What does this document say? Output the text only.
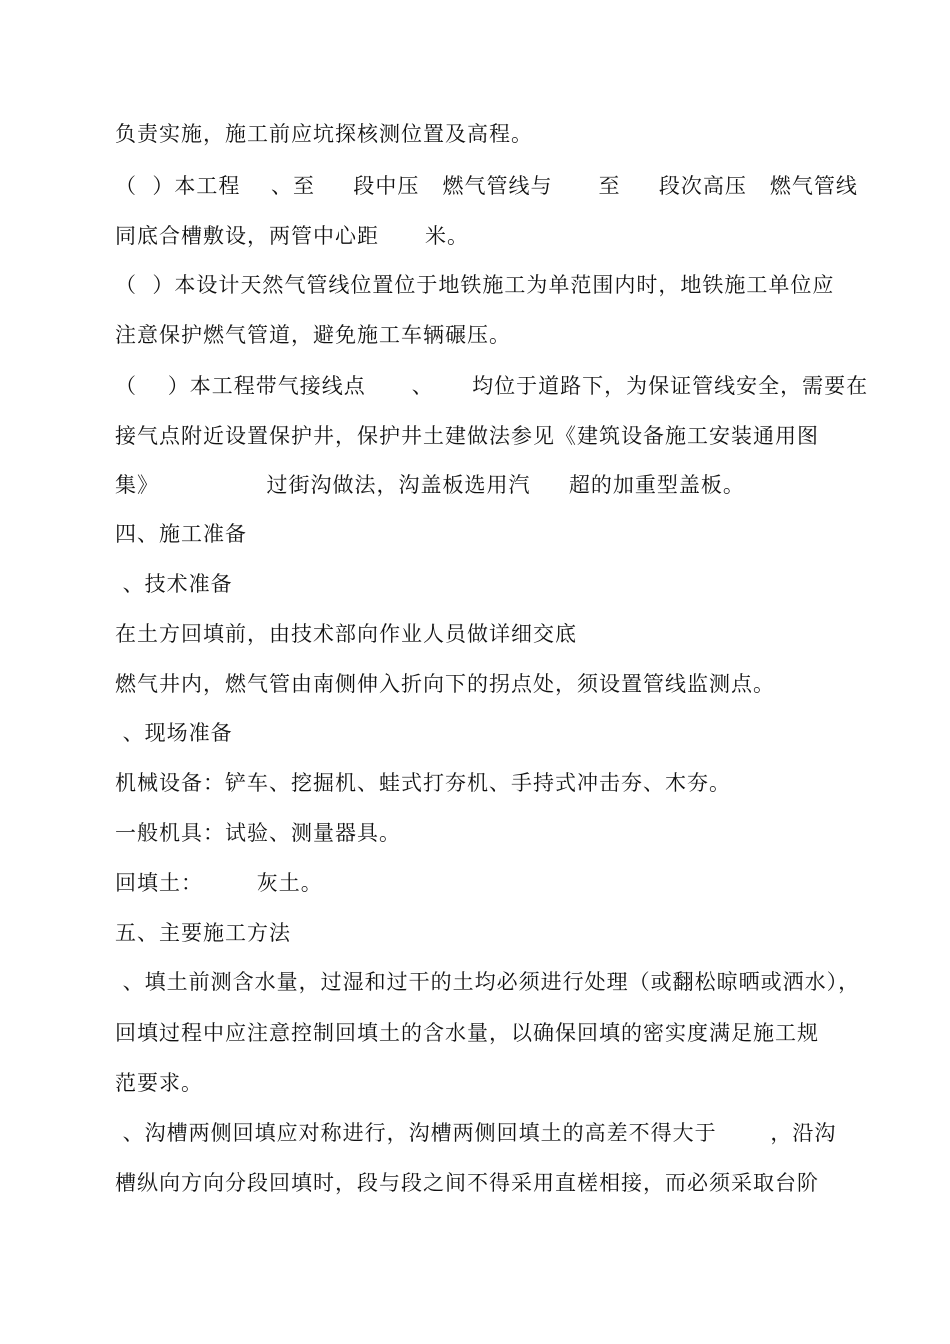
负责实施，施工前应坑探核测位置及高程。
（  ）本工程    、至     段中压   燃气管线与      至     段次高压   燃气管线
同底合槽敷设，两管中心距      米。
（  ）本设计天然气管线位置位于地铁施工为单范围内时，地铁施工单位应
注意保护燃气管道，避免施工车辆碾压。
（    ）本工程带气接线点      、     均位于道路下，为保证管线安全，需要在
接气点附近设置保护井，保护井土建做法参见《建筑设备施工安装通用图
集》              过街沟做法，沟盖板选用汽     超的加重型盖板。
四、施工准备
、技术准备
在土方回填前，由技术部向作业人员做详细交底
燃气井内，燃气管由南侧伸入折向下的拐点处，须设置管线监测点。
、现场准备
机械设备：铲车、挖掘机、蛙式打夯机、手持式冲击夯、木夯。
一般机具：试验、测量器具。
回填土：       灰土。
五、主要施工方法
、填土前测含水量，过湿和过干的土均必须进行处理（或翻松晾晒或洒水），
回填过程中应注意控制回填土的含水量，以确保回填的密实度满足施工规
范要求。
、沟槽两侧回填应对称进行，沟槽两侧回填土的高差不得大于       ，沿沟
槽纵向方向分段回填时，段与段之间不得采用直槎相接，而必须采取台阶
